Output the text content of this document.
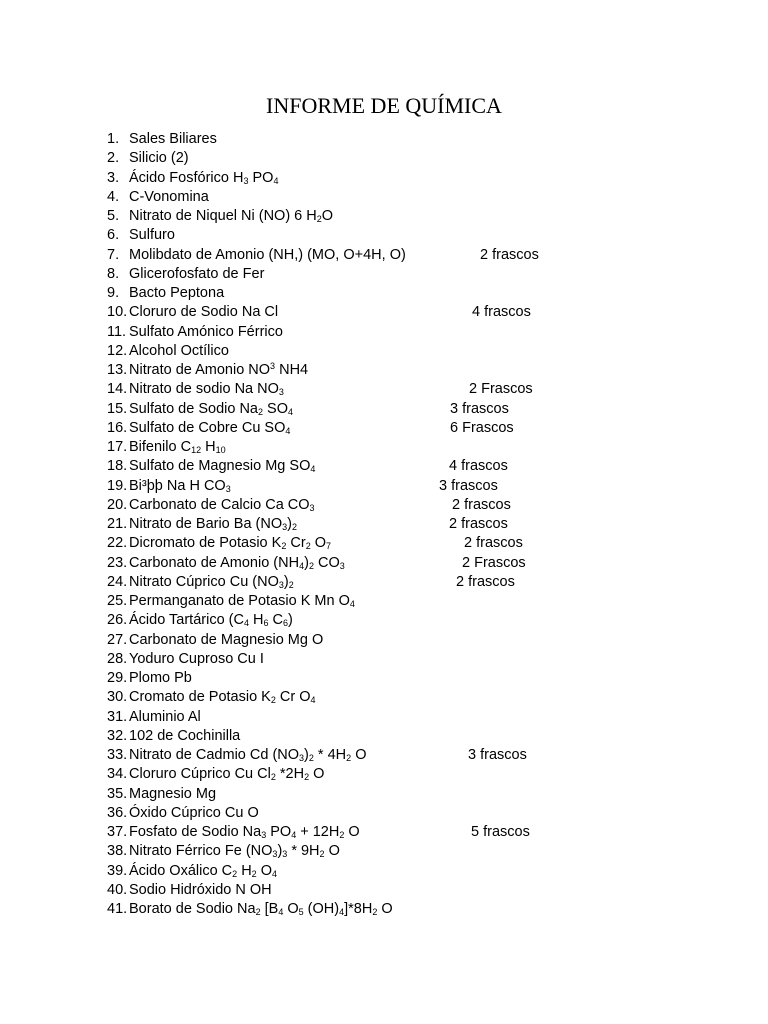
INFORME DE QUÍMICA
1. Sales Biliares
2. Silicio (2)
3. Ácido Fosfórico $H_3$ $PO_4$
4. C-Vonomina
5. Nitrato de Niquel Ni (NO) 6 $H_2O$
6. Sulfuro
7. Molibdato de Amonio (NH,) (MO, O+4H, O)	2 frascos
8. Glicerofosfato de Fer
9. Bacto Peptona
10. Cloruro de Sodio Na Cl	4 frascos
11. Sulfato Amónico Férrico
12. Alcohol Octílico
13. Nitrato de Amonio $NO^3$ NH4
14. Nitrato de sodio Na $NO_3$	2 Frascos
15. Sulfato de Sodio $Na_2$ $SO_4$	3 frascos
16. Sulfato de Cobre Cu $SO_4$	6 Frascos
17. Bifenilo $C_{12}$ $H_{10}$
18. Sulfato de Magnesio Mg $SO_4$	4 frascos
19. Bi³þþ Na H $CO_3$	3 frascos
20. Carbonato de Calcio Ca $CO_3$	2 frascos
21. Nitrato de Bario Ba $(NO_3)_2$	2 frascos
22. Dicromato de Potasio $K_2$ $Cr_2$ $O_7$	2 frascos
23. Carbonato de Amonio $(NH_4)_2$ $CO_3$	2 Frascos
24. Nitrato Cúprico Cu $(NO_3)_2$	2 frascos
25. Permanganato de Potasio K Mn $O_4$
26. Ácido Tartárico ($C_4$ $H_6$ $C_6$)
27. Carbonato de Magnesio Mg O
28. Yoduro Cuproso Cu I
29. Plomo Pb
30. Cromato de Potasio $K_2$ Cr $O_4$
31. Aluminio Al
32. 102 de Cochinilla
33. Nitrato de Cadmio Cd $(NO_3)_2 * 4H_2$ O	3 frascos
34. Cloruro Cúprico Cu $Cl_2$ $*2H_2$ O
35. Magnesio Mg
36. Óxido Cúprico Cu O
37. Fosfato de Sodio $Na_3$ $PO_4 + 12H_2$ O	5 frascos
38. Nitrato Férrico Fe $(NO_3)_3 * 9H_2$ O
39. Ácido Oxálico $C_2$ $H_2$ $O_4$
40. Sodio Hidróxido N OH
41. Borato de Sodio $Na_2$ [$B_4$ $O_5$ $(OH)_4]*8H_2$ O
